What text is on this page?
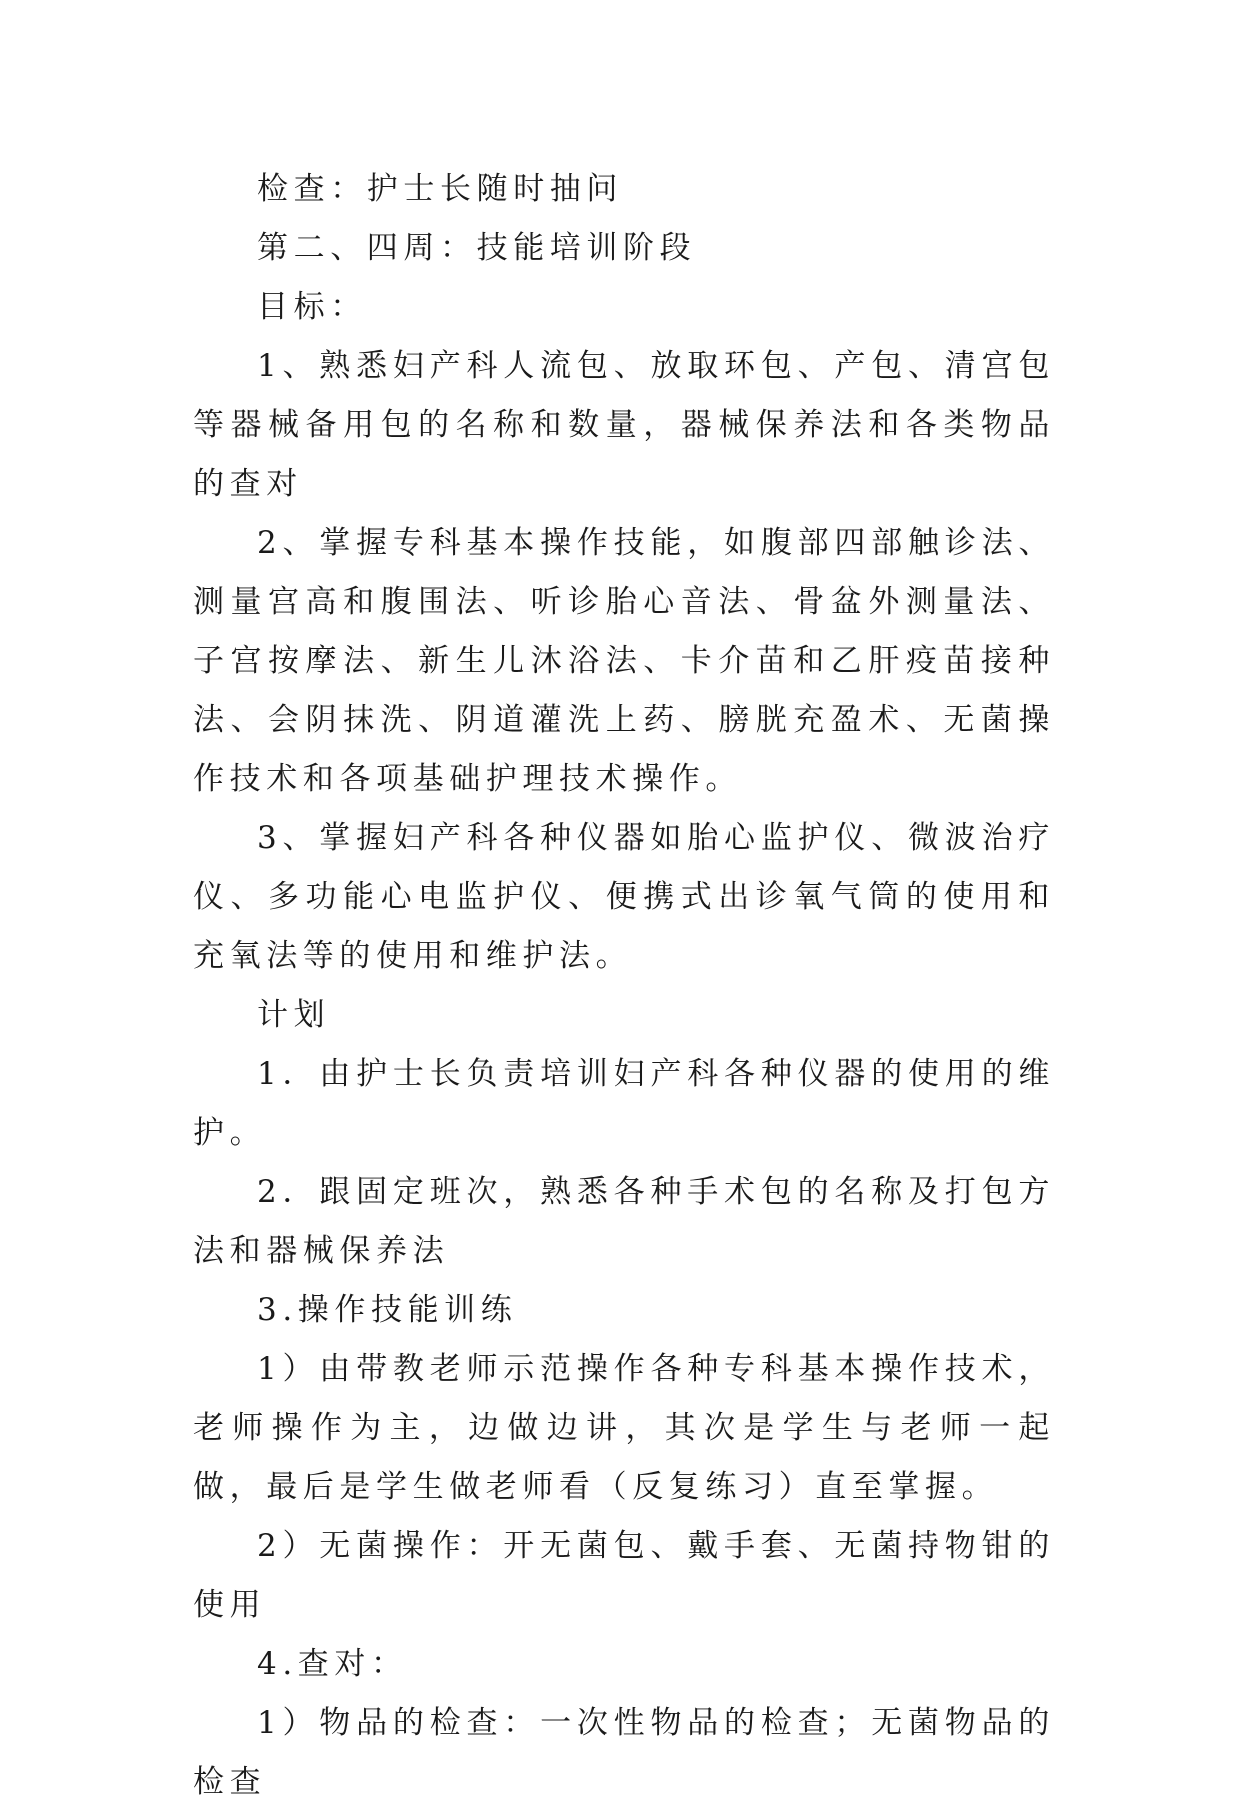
检查：护士长随时抽问

第二、四周：技能培训阶段

目标：

1、熟悉妇产科人流包、放取环包、产包、清宫包等器械备用包的名称和数量，器械保养法和各类物品的查对

2、掌握专科基本操作技能，如腹部四部触诊法、测量宫高和腹围法、听诊胎心音法、骨盆外测量法、子宫按摩法、新生儿沐浴法、卡介苗和乙肝疫苗接种法、会阴抹洗、阴道灌洗上药、膀胱充盈术、无菌操作技术和各项基础护理技术操作。

3、掌握妇产科各种仪器如胎心监护仪、微波治疗仪、多功能心电监护仪、便携式出诊氧气筒的使用和充氧法等的使用和维护法。

计划

1．由护士长负责培训妇产科各种仪器的使用的维护。

2．跟固定班次，熟悉各种手术包的名称及打包方法和器械保养法

3.操作技能训练

1）由带教老师示范操作各种专科基本操作技术，老师操作为主，边做边讲，其次是学生与老师一起做，最后是学生做老师看（反复练习）直至掌握。

2）无菌操作：开无菌包、戴手套、无菌持物钳的使用

4.查对：

1）物品的检查：一次性物品的检查；无菌物品的检查
